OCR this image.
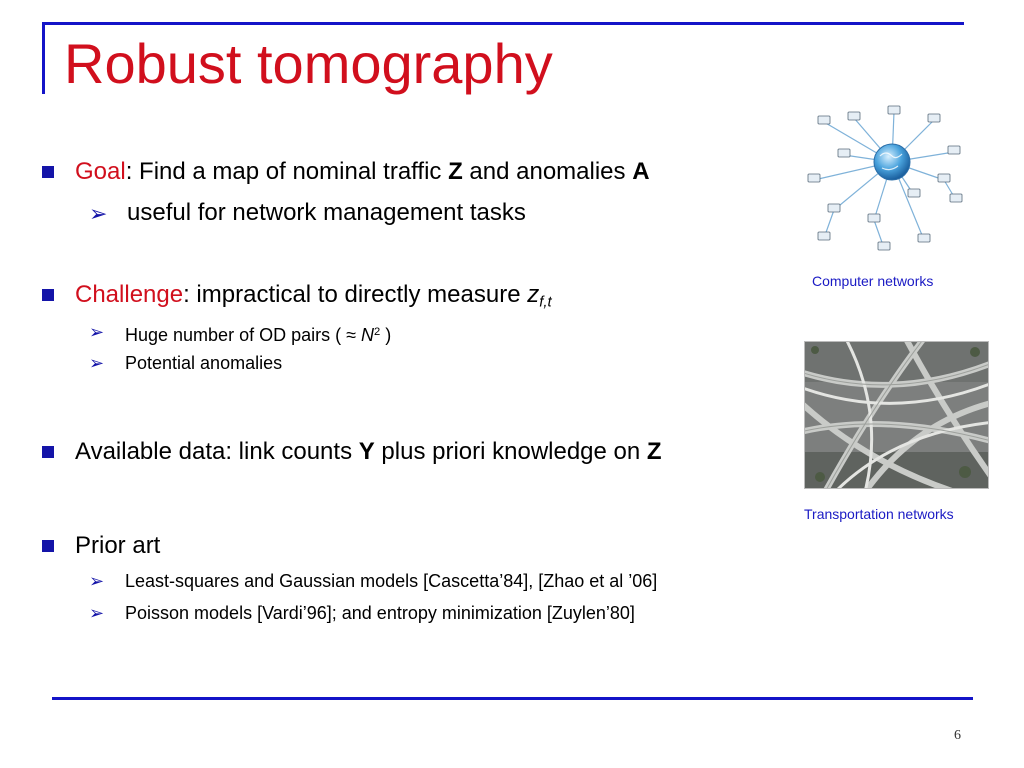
Robust tomography
Goal: Find a map of nominal traffic Z and anomalies A
➢ useful for network management tasks
Challenge: impractical to directly measure $z_{f,t}$
➢ Huge number of OD pairs ( ≈ $N^2$ )
➢ Potential anomalies
Available data: link counts Y plus priori knowledge on Z
Prior art
➢ Least-squares and Gaussian models [Cascetta’84], [Zhao et al ’06]
➢ Poisson models [Vardi’96]; and entropy minimization [Zuylen’80]
Computer networks
Transportation networks
6
